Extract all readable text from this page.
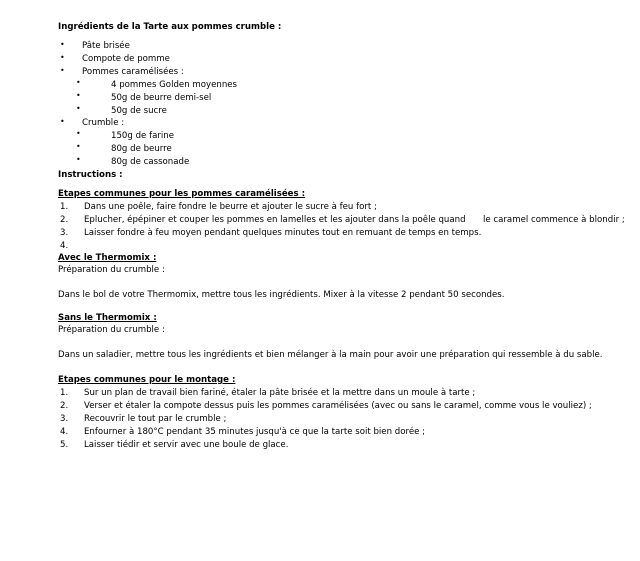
Ingrédients de la Tarte aux pommes crumble :
• Pâte brisée
• Compote de pomme
• Pommes caramélisées :
•	4 pommes Golden moyennes
•	50g de beurre demi-sel
•	50g de sucre
• Crumble :
•	150g de farine
•	80g de beurre
•	80g de cassonade
Instructions :
Etapes communes pour les pommes caramélisées :
1. Dans une poêle, faire fondre le beurre et ajouter le sucre à feu fort ;
2. Eplucher, épépiner et couper les pommes en lamelles et les ajouter dans la poêle quand le caramel commence à blondir ;
3. Laisser fondre à feu moyen pendant quelques minutes tout en remuant de temps en temps.
4.
Avec le Thermomix :
Préparation du crumble :
Dans le bol de votre Thermomix, mettre tous les ingrédients. Mixer à la vitesse 2 pendant 50 secondes.
Sans le Thermomix :
Préparation du crumble :
Dans un saladier, mettre tous les ingrédients et bien mélanger à la main pour avoir une préparation qui ressemble à du sable.
Etapes communes pour le montage :
1. Sur un plan de travail bien fariné, étaler la pâte brisée et la mettre dans un moule à tarte ;
2. Verser et étaler la compote dessus puis les pommes caramélisées (avec ou sans le caramel, comme vous le vouliez) ;
3. Recouvrir le tout par le crumble ;
4. Enfourner à 180°C pendant 35 minutes jusqu'à ce que la tarte soit bien dorée ;
5. Laisser tiédir et servir avec une boule de glace.
